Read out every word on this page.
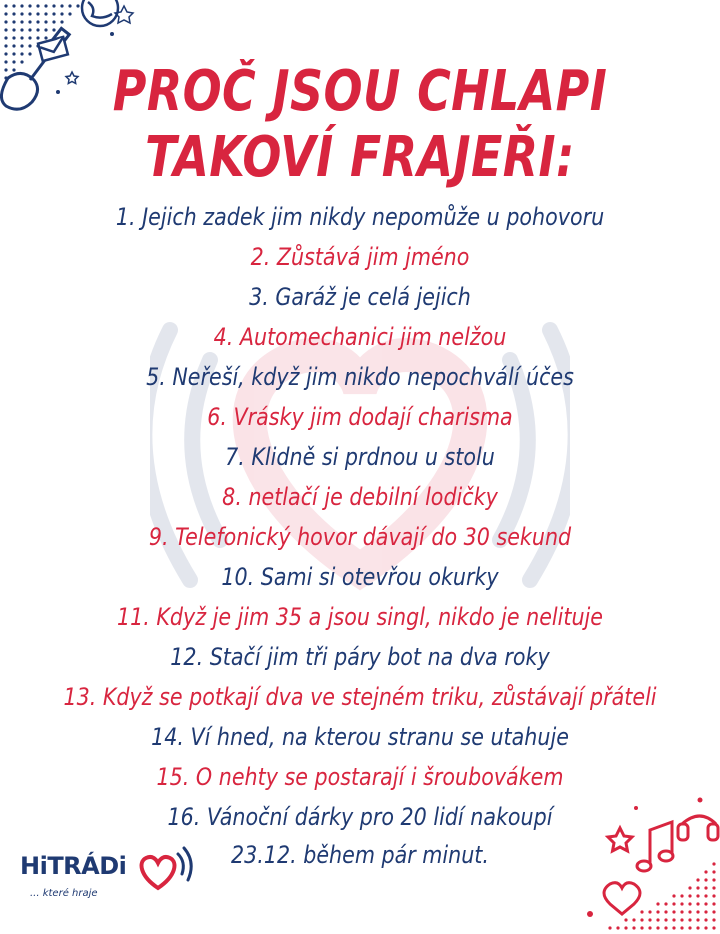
PROČ JSOU CHLAPI
TAKOVÍ FRAJEŘI:
1. Jejich zadek jim nikdy nepomůže u pohovoru
2. Zůstává jim jméno
3. Garáž je celá jejich
4. Automechanici jim nelžou
5. Neřeší, když jim nikdo nepochválí účes
6. Vrásky jim dodají charisma
7. Klidně si prdnou u stolu
8. netlačí je debilní lodičky
9. Telefonický hovor dávají do 30 sekund
10. Sami si otevřou okurky
11. Když je jim 35 a jsou singl, nikdo je nelituje
12. Stačí jim tři páry bot na dva roky
13. Když se potkají dva ve stejném triku, zůstávají přáteli
14. Ví hned, na kterou stranu se utahuje
15. O nehty se postarají i šroubovákem
16. Vánoční dárky pro 20 lidí nakoupí
23.12. během pár minut.
HiTRÁDi
... které hraje
